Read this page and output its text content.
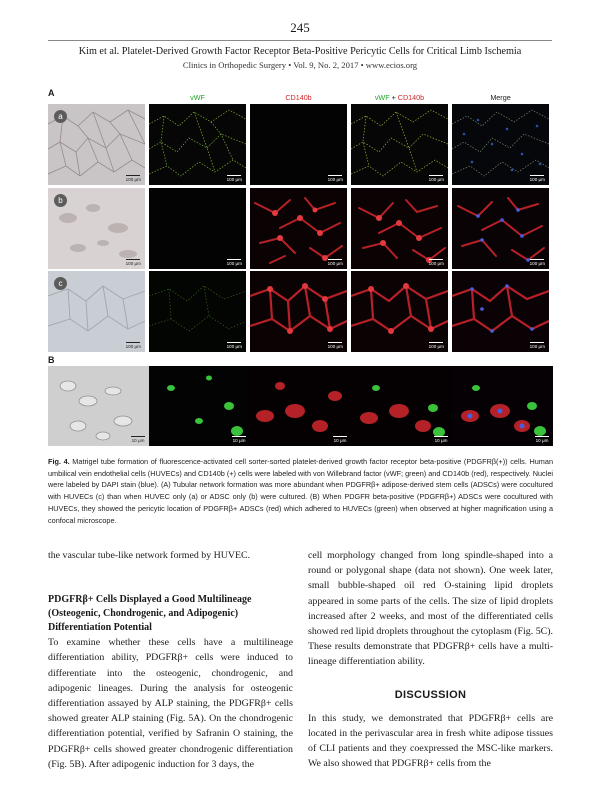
245
Kim et al. Platelet-Derived Growth Factor Receptor Beta-Positive Pericytic Cells for Critical Limb Ischemia
Clinics in Orthopedic Surgery • Vol. 9, No. 2, 2017 • www.ecios.org
A	vWF	CD140b	vWF + CD140b	Merge
a
100 μm	100 μm	100 μm	100 μm	100 μm
b
100 μm	100 μm	100 μm	100 μm	100 μm
c
100 μm	100 μm	100 μm	100 μm	100 μm
B
10 μm	10 μm	10 μm	10 μm	10 μm
Fig. 4. Matrigel tube formation of fluorescence-activated cell sorter-sorted platelet-derived growth factor receptor beta-positive (PDGFRβ(+)) cells. Human umbilical vein endothelial cells (HUVECs) and CD140b (+) cells were labeled with von Willebrand factor (vWF; green) and CD140b (red), respectively. Nuclei were labeled by DAPI stain (blue). (A) Tubular network formation was more abundant when PDGFRβ+ adipose-derived stem cells (ADSCs) were cocultured with HUVECs (c) than when HUVEC only (a) or ADSC only (b) were cultured. (B) When PDGFR beta-positive (PDGFRβ+) ADSCs were cocultured with HUVECs, they showed the pericytic location of PDGFRβ+ ADSCs (red) which adhered to HUVECs (green) when observed at higher magnification using a confocal microscope.

the vascular tube-like network formed by HUVEC.

PDGFRβ+ Cells Displayed a Good Multilineage (Osteogenic, Chondrogenic, and Adipogenic) Differentiation Potential

To examine whether these cells have a multilineage differentiation ability, PDGFRβ+ cells were induced to differentiate into the osteogenic, chondrogenic, and adipogenic lineages. During the analysis for osteogenic differentiation assayed by ALP staining, the PDGFRβ+ cells showed greater ALP staining (Fig. 5A). On the chondrogenic differentiation potential, verified by Safranin O staining, the PDGFRβ+ cells showed greater chondrogenic differentiation (Fig. 5B). After adipogenic induction for 3 days, the

cell morphology changed from long spindle-shaped into a round or polygonal shape (data not shown). One week later, small bubble-shaped oil red O-staining lipid droplets appeared in some parts of the cells. The size of lipid droplets increased after 2 weeks, and most of the differentiated cells showed red lipid droplets throughout the cytoplasm (Fig. 5C). These results demonstrate that PDGFRβ+ cells have a multi-lineage differentiation ability.

DISCUSSION

In this study, we demonstrated that PDGFRβ+ cells are located in the perivascular area in fresh white adipose tissues of CLI patients and they coexpressed the MSC-like markers. We also showed that PDGFRβ+ cells from the
